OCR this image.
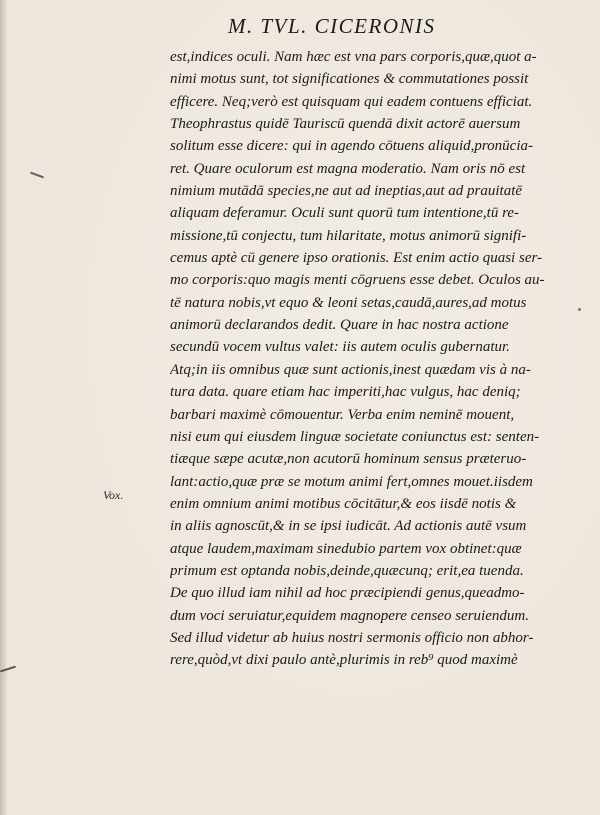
M. TVL. CICERONIS
Vox.
est,indices oculi. Nam hæc est vna pars corporis,quæ,quot a-
nimi motus sunt, tot significationes & commutationes possit
efficere. Neq;verò est quisquam qui eadem contuens efficiat.
Theophrastus quidē Tauriscū quendā dixit actorē auersum
solitum esse dicere: qui in agendo cōtuens aliquid,pronūcia-
ret. Quare oculorum est magna moderatio. Nam oris nō est
nimium mutādā species,ne aut ad ineptias,aut ad prauitatē
aliquam deferamur. Oculi sunt quorū tum intentione,tū re-
missione,tū conjectu, tum hilaritate, motus animorū signifi-
cemus aptè cū genere ipso orationis. Est enim actio quasi ser-
mo corporis:quo magis menti cōgruens esse debet. Oculos au-
tē natura nobis,vt equo & leoni setas,caudā,aures,ad motus
animorū declarandos dedit. Quare in hac nostra actione
secundū vocem vultus valet: iis autem oculis gubernatur.
Atq;in iis omnibus quæ sunt actionis,inest quædam vis à na-
tura data. quare etiam hac imperiti,hac vulgus, hac deniq;
barbari maximè cōmouentur. Verba enim neminē mouent,
nisi eum qui eiusdem linguæ societate coniunctus est: senten-
tiæque sæpe acutæ,non acutorū hominum sensus præteruo-
lant:actio,quæ præ se motum animi fert,omnes mouet.iisdem
enim omnium animi motibus cōcitātur,& eos iisdē notis &
in aliis agnoscūt,& in se ipsi iudicāt. Ad actionis autē vsum
atque laudem,maximam sinedubio partem vox obtinet:quæ
primum est optanda nobis,deinde,quæcunq; erit,ea tuenda.
De quo illud iam nihil ad hoc præcipiendi genus,queadmo-
dum voci seruiatur,equidem magnopere censeo seruiendum.
Sed illud videtur ab huius nostri sermonis officio non abhor-
rere,quòd,vt dixi paulo antè,plurimis in reb⁹ quod maximè
